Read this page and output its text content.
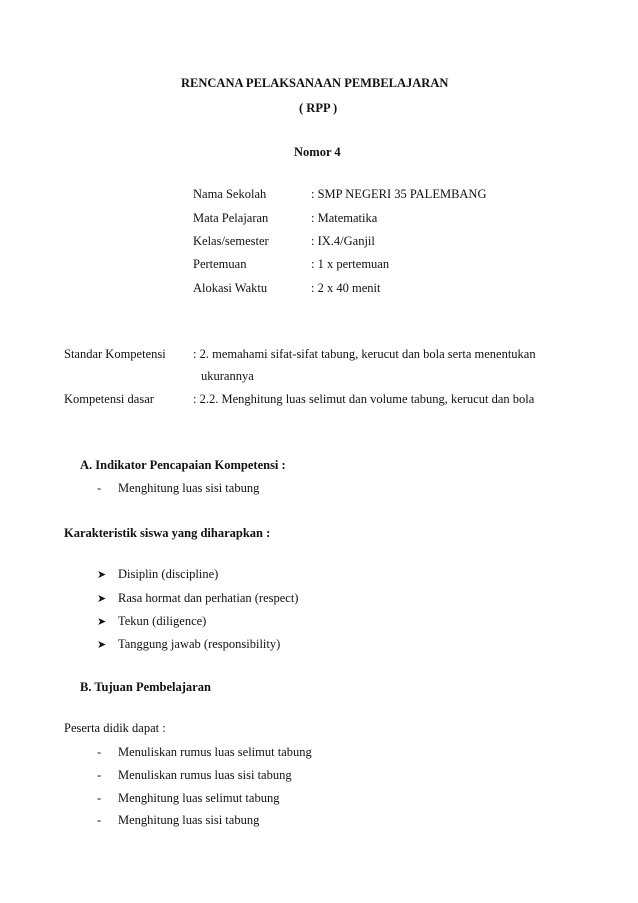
RENCANA PELAKSANAAN PEMBELAJARAN
( RPP )
Nomor 4
Nama Sekolah	: SMP NEGERI 35 PALEMBANG
Mata Pelajaran	: Matematika
Kelas/semester	: IX.4/Ganjil
Pertemuan	: 1 x pertemuan
Alokasi Waktu	: 2 x 40 menit
Standar Kompetensi : 2. memahami sifat-sifat tabung, kerucut dan bola serta menentukan
ukurannya
Kompetensi dasar	: 2.2. Menghitung luas selimut dan volume tabung, kerucut dan bola
A. Indikator Pencapaian Kompetensi :
- Menghitung luas sisi tabung
Karakteristik siswa yang diharapkan :
➤ Disiplin (discipline)
➤ Rasa hormat dan perhatian (respect)
➤ Tekun (diligence)
➤ Tanggung jawab (responsibility)
B. Tujuan Pembelajaran
Peserta didik dapat :
- Menuliskan rumus luas selimut tabung
- Menuliskan rumus luas sisi tabung
- Menghitung luas selimut tabung
- Menghitung luas sisi tabung
